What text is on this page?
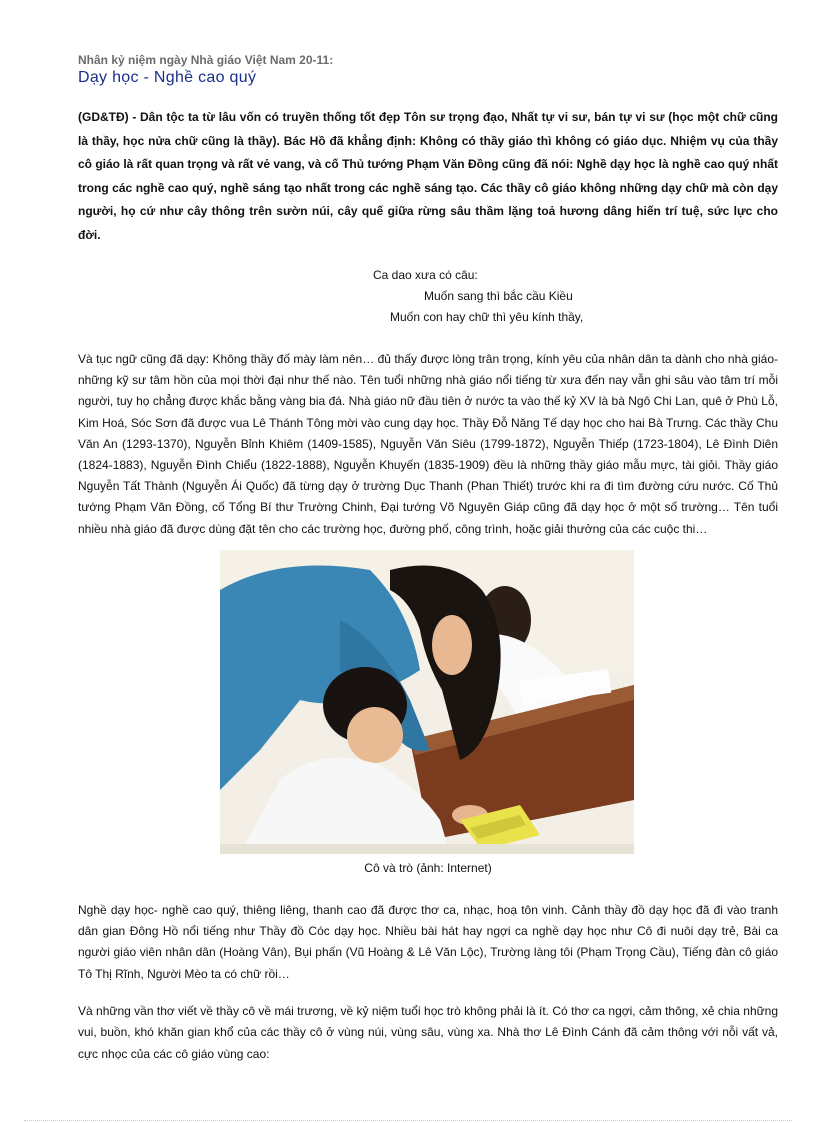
Nhân kỷ niệm ngày Nhà giáo Việt Nam 20-11:

Dạy học - Nghề cao quý

(GD&TĐ) - Dân tộc ta từ lâu vốn có truyền thống tốt đẹp Tôn sư trọng đạo, Nhất tự vi sư, bán tự vi sư (học một chữ cũng là thầy, học nửa chữ cũng là thầy). Bác Hồ đã khẳng định: Không có thầy giáo thì không có giáo dục. Nhiệm vụ của thầy cô giáo là rất quan trọng và rất vẻ vang, và cố Thủ tướng Phạm Văn Đồng cũng đã nói: Nghề dạy học là nghề cao quý nhất trong các nghề cao quý, nghề sáng tạo nhất trong các nghề sáng tạo. Các thầy cô giáo không những dạy chữ mà còn dạy người, họ cứ như cây thông trên sườn núi, cây quế giữa rừng sâu thầm lặng toả hương dâng hiến trí tuệ, sức lực cho đời.

Ca dao xưa có câu:
Muốn sang thì bắc cầu Kiều
Muốn con hay chữ thì yêu kính thầy,

Và tục ngữ cũng đã dạy: Không thầy đố mày làm nên… đủ thấy được lòng trân trọng, kính yêu của nhân dân ta dành cho nhà giáo- những kỹ sư tâm hồn của mọi thời đại như thế nào. Tên tuổi những nhà giáo nổi tiếng từ xưa đến nay vẫn ghi sâu vào tâm trí mỗi người, tuy họ chẳng được khắc bằng vàng bia đá. Nhà giáo nữ đầu tiên ở nước ta vào thế kỷ XV là bà Ngô Chi Lan, quê ở Phù Lỗ, Kim Hoá, Sóc Sơn đã được vua Lê Thánh Tông mời vào cung dạy học. Thầy Đỗ Năng Tế dạy học cho hai Bà Trưng. Các thầy Chu Văn An (1293-1370), Nguyễn Bỉnh Khiêm (1409-1585), Nguyễn Văn Siêu (1799-1872), Nguyễn Thiếp (1723-1804), Lê Đình Diên (1824-1883), Nguyễn Đình Chiểu (1822-1888), Nguyễn Khuyến (1835-1909) đều là những thầy giáo mẫu mực, tài giỏi. Thầy giáo Nguyễn Tất Thành (Nguyễn Ái Quốc) đã từng dạy ở trường Dục Thanh (Phan Thiết) trước khi ra đi tìm đường cứu nước. Cố Thủ tướng Phạm Văn Đồng, cố Tổng Bí thư Trường Chinh, Đại tướng Võ Nguyên Giáp cũng đã dạy học ở một số trường… Tên tuổi nhiều nhà giáo đã được dùng đặt tên cho các trường học, đường phố, công trình, hoặc giải thưởng của các cuộc thi…

Cô và trò (ảnh: Internet)

Nghề dạy học- nghề cao quý, thiêng liêng, thanh cao đã được thơ ca, nhạc, hoạ tôn vinh. Cảnh thầy đồ dạy học đã đi vào tranh dân gian Đông Hồ nổi tiếng như Thầy đồ Cóc dạy học. Nhiều bài hát hay ngợi ca nghề dạy học như Cô đi nuôi dạy trẻ, Bài ca người giáo viên nhân dân (Hoàng Vân), Bụi phấn (Vũ Hoàng & Lê Văn Lộc), Trường làng tôi (Phạm Trọng Cầu), Tiếng đàn cô giáo Tô Thị Rĩnh, Người Mèo ta có chữ rồi…

Và những vần thơ viết về thầy cô về mái trương, về kỷ niệm tuổi học trò không phải là ít. Có thơ ca ngợi, cảm thông, xẻ chia những vui, buồn, khó khăn gian khổ của các thầy cô ở vùng núi, vùng sâu, vùng xa. Nhà thơ Lê Đình Cánh đã cảm thông với nỗi vất vả, cực nhọc của các cô giáo vùng cao:
